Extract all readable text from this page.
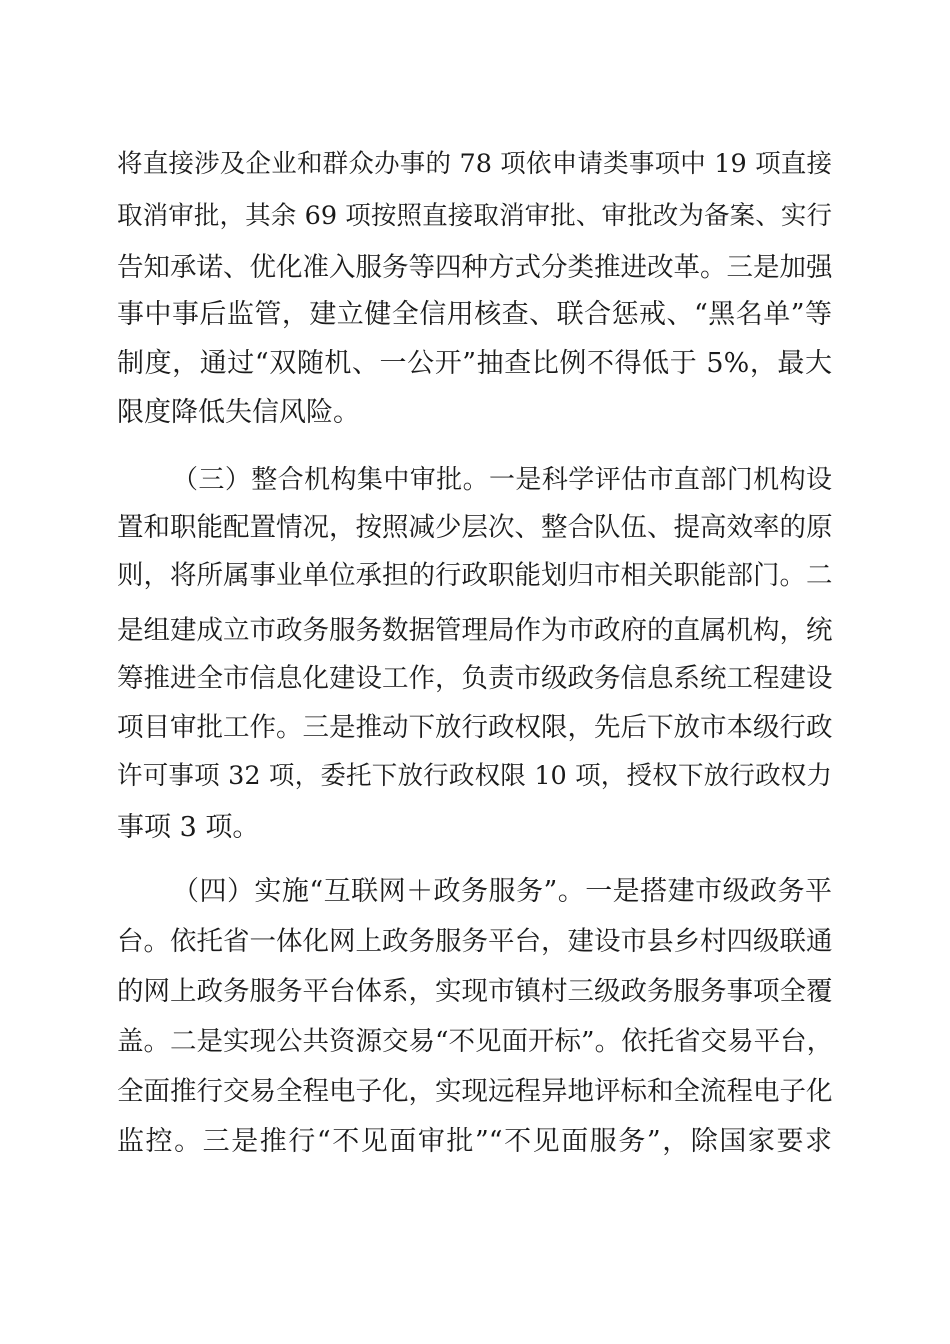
将直接涉及企业和群众办事的 78 项依申请类事项中 19 项直接
取消审批，其余 69 项按照直接取消审批、审批改为备案、实行
告知承诺、优化准入服务等四种方式分类推进改革。三是加强
事中事后监管，建立健全信用核查、联合惩戒、“黑名单”等
制度，通过“双随机、一公开”抽查比例不得低于 5%，最大
限度降低失信风险。
（三）整合机构集中审批。一是科学评估市直部门机构设
置和职能配置情况，按照减少层次、整合队伍、提高效率的原
则，将所属事业单位承担的行政职能划归市相关职能部门。二
是组建成立市政务服务数据管理局作为市政府的直属机构，统
筹推进全市信息化建设工作，负责市级政务信息系统工程建设
项目审批工作。三是推动下放行政权限，先后下放市本级行政
许可事项 32 项，委托下放行政权限 10 项，授权下放行政权力
事项 3 项。
（四）实施“互联网＋政务服务”。一是搭建市级政务平
台。依托省一体化网上政务服务平台，建设市县乡村四级联通
的网上政务服务平台体系，实现市镇村三级政务服务事项全覆
盖。二是实现公共资源交易“不见面开标”。依托省交易平台，
全面推行交易全程电子化，实现远程异地评标和全流程电子化
监控。三是推行“不见面审批”“不见面服务”，除国家要求
